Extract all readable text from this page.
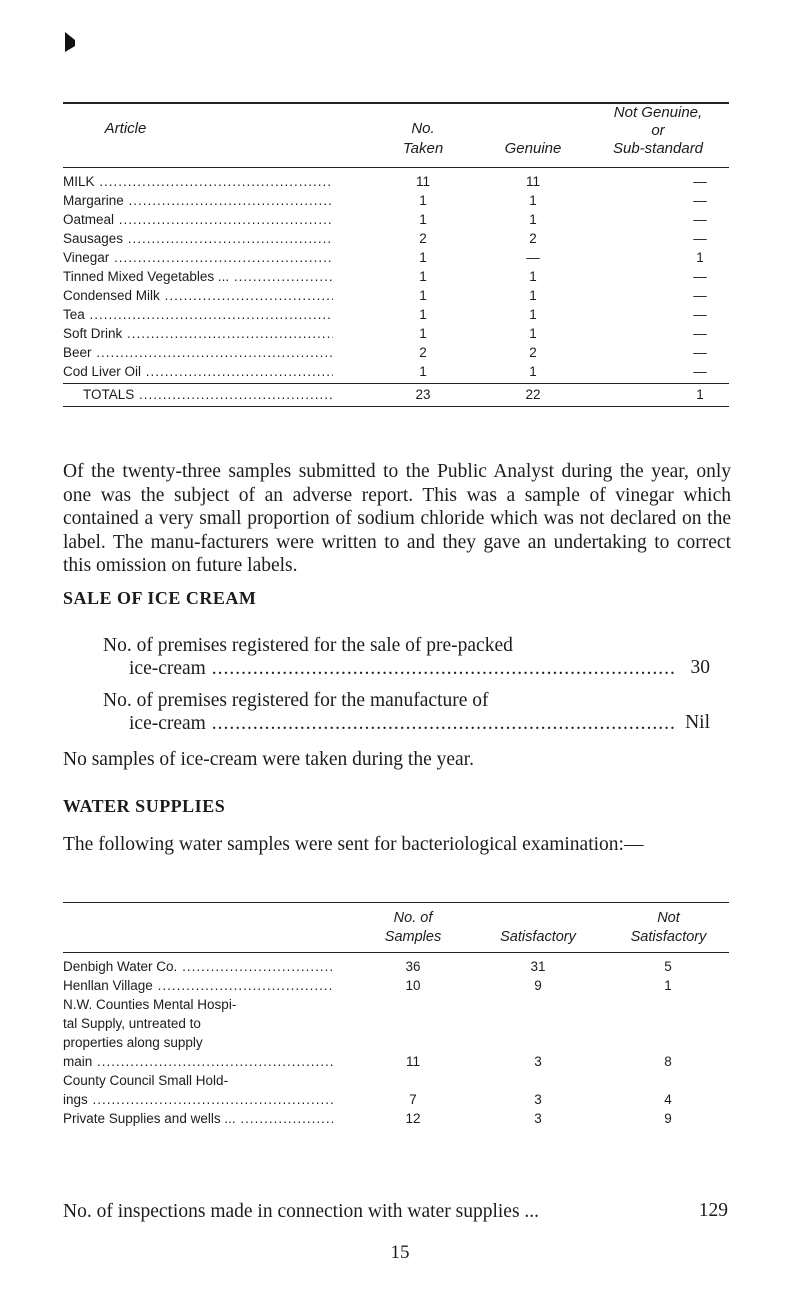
Article	No.
Taken	Genuine
Not Genuine,
or
Sub-standard
MILK .....	11	11	—
Margarine .....	1	1	—
Oatmeal .....	1	1	—
Sausages .....	2	2	—
Vinegar .....	1	—	1
Tinned Mixed Vegetables ... .....	1	1	—
Condensed Milk .....	1	1	—
Tea .....	1	1	—
Soft Drink .....	1	1	—
Beer .....	2	2	—
Cod Liver Oil .....	1	1	—
TOTALS .....	23	22	1
Of the twenty-three samples submitted to the Public Analyst during the year, only one was the subject of an adverse report. This was a sample of vinegar which contained a very small proportion of sodium chloride which was not declared on the label. The manu-facturers were written to and they gave an undertaking to correct this omission on future labels.
SALE OF ICE CREAM
No. of premises registered for the sale of pre-packed
ice-cream .....	30
No. of premises registered for the manufacture of
ice-cream .....	Nil
No samples of ice-cream were taken during the year.
WATER SUPPLIES
The following water samples were sent for bacteriological examination:—
No. of
Samples	Satisfactory
Not
Satisfactory
Denbigh Water Co. .....	36	31	5
Henllan Village .....	10	9	1
N.W. Counties Mental Hospi-
tal Supply, untreated to
properties along supply
main .....	11	3	8
County Council Small Hold-
ings .....	7	3	4
Private Supplies and wells ... .....	12	3	9
No. of inspections made in connection with water supplies ...	129
15
